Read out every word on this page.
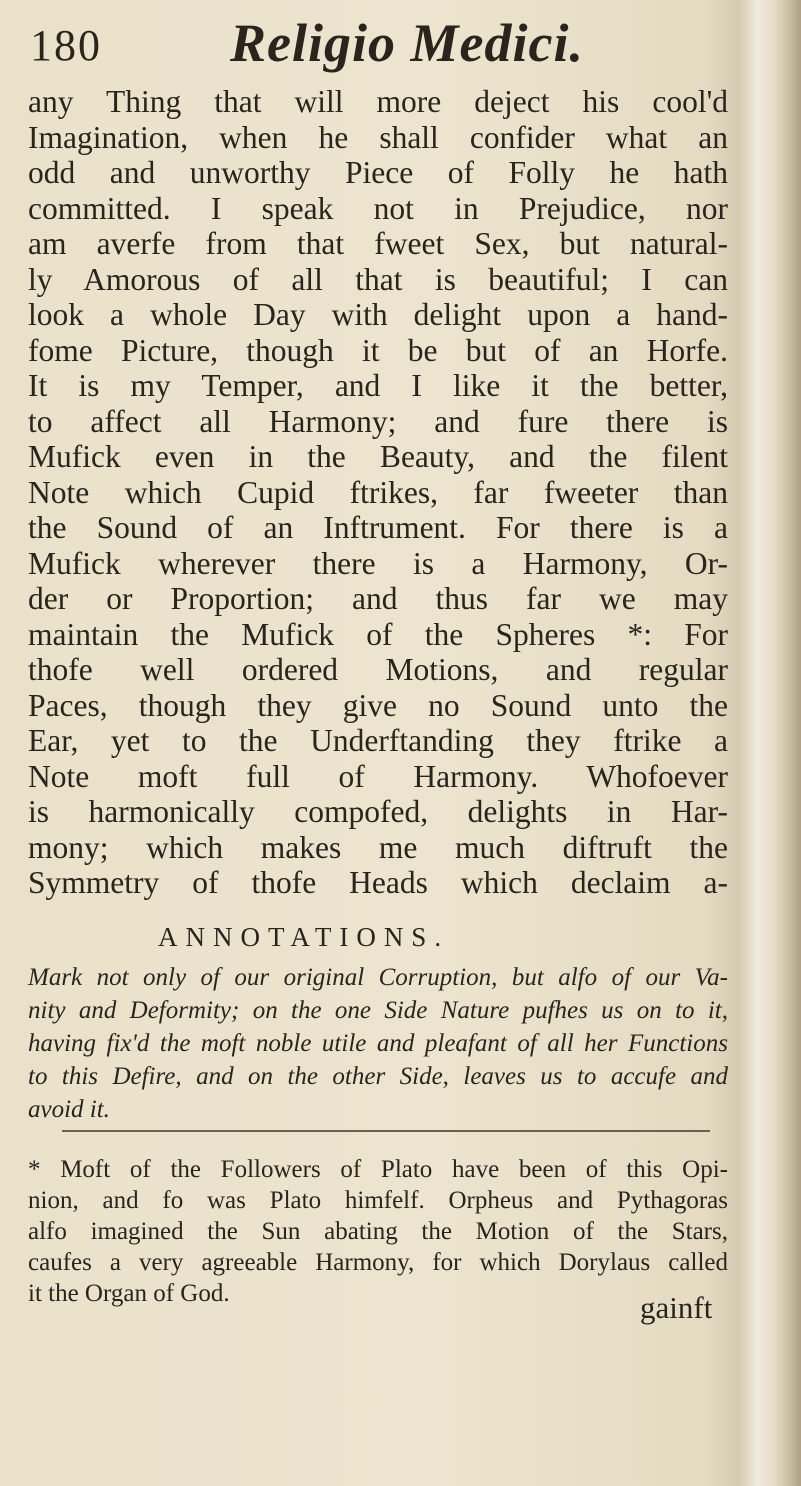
180 Religio Medici.
any Thing that will more deject his cool'd
Imagination, when he shall confider what an
odd and unworthy Piece of Folly he hath
committed. I speak not in Prejudice, nor
am averfe from that fweet Sex, but natural-
ly Amorous of all that is beautiful; I can
look a whole Day with delight upon a hand-
fome Picture, though it be but of an Horfe.
It is my Temper, and I like it the better,
to affect all Harmony; and fure there is
Mufick even in the Beauty, and the filent
Note which Cupid ftrikes, far fweeter than
the Sound of an Inftrument. For there is a
Mufick wherever there is a Harmony, Or-
der or Proportion; and thus far we may
maintain the Mufick of the Spheres *: For
thofe well ordered Motions, and regular
Paces, though they give no Sound unto the
Ear, yet to the Underftanding they ftrike a
Note moft full of Harmony. Whofoever
is harmonically compofed, delights in Har-
mony; which makes me much diftruft the
Symmetry of thofe Heads which declaim a-
ANNOTATIONS.
Mark not only of our original Corruption, but alfo of our Va-
nity and Deformity; on the one Side Nature pufhes us on to it,
having fix'd the moft noble utile and pleafant of all her Functions
to this Defire, and on the other Side, leaves us to accufe and
avoid it.
* Moft of the Followers of Plato have been of this Opi-
nion, and fo was Plato himfelf. Orpheus and Pythagoras
alfo imagined the Sun abating the Motion of the Stars,
caufes a very agreeable Harmony, for which Dorylaus called
it the Organ of God.	gainft
